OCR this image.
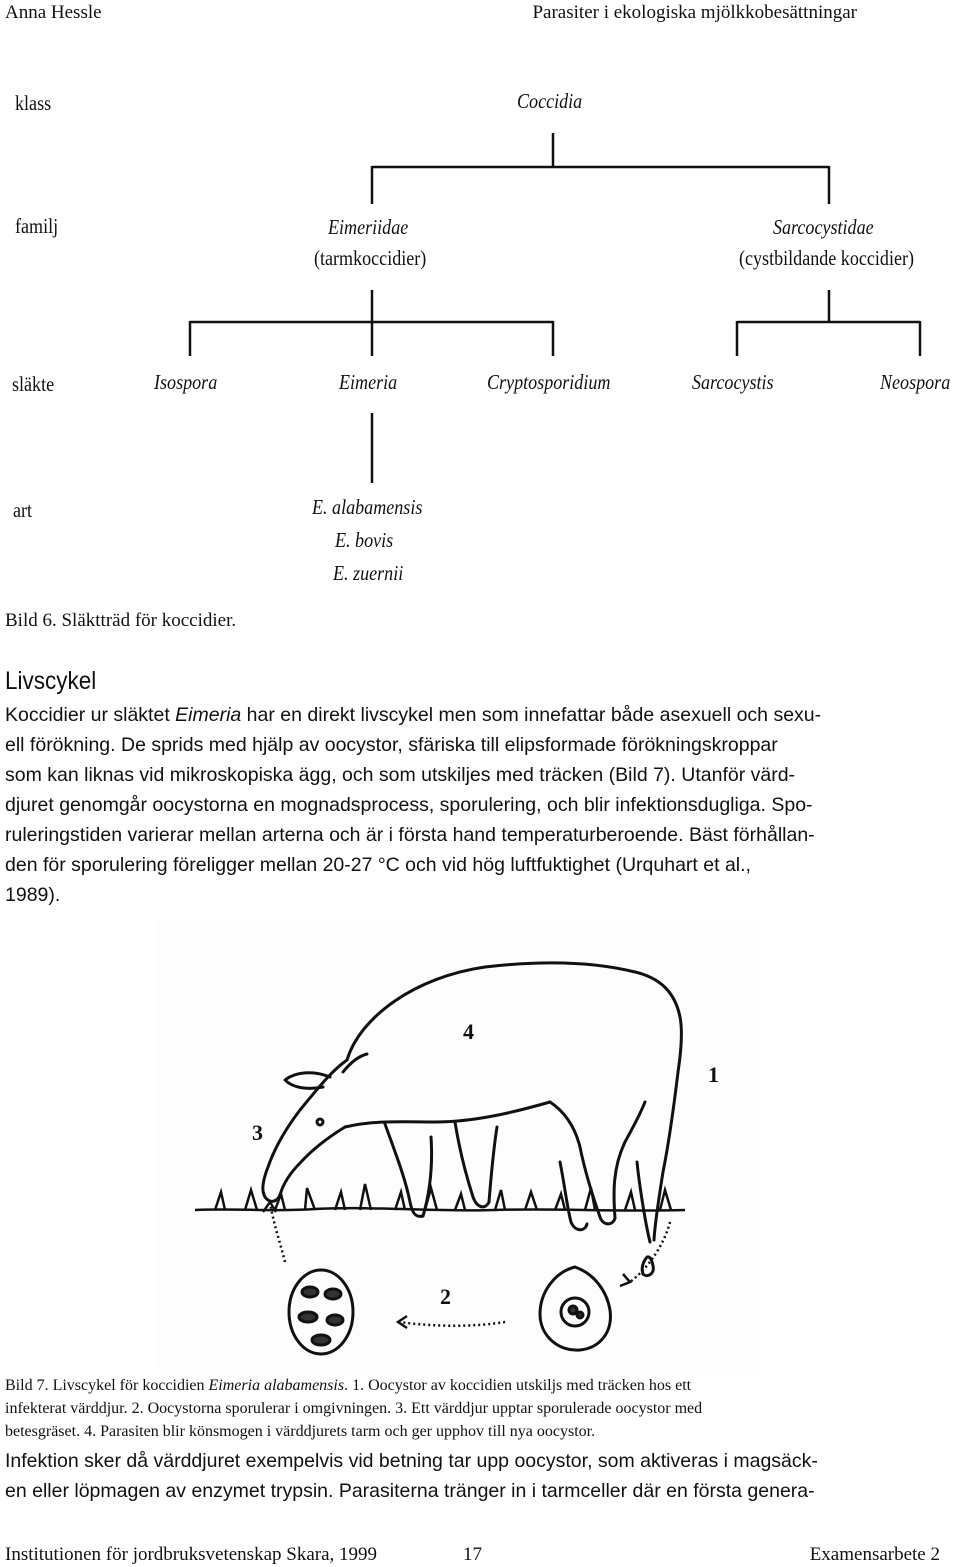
Anna Hessle	Parasiter i ekologiska mjölkkobesättningar
klass
familj
släkte
art
Coccidia
Eimeriidae
(tarmkoccidier)
Sarcocystidae
(cystbildande koccidier)
Isospora	Eimeria	Cryptosporidium	Sarcocystis	Neospora
E. alabamensis
E. bovis
E. zuernii
Bild 6. Släktträd för koccidier.
Livscykel
Koccidier ur släktet Eimeria har en direkt livscykel men som innefattar både asexuell och sexu-
ell förökning. De sprids med hjälp av oocystor, sfäriska till elipsformade förökningskroppar
som kan liknas vid mikroskopiska ägg, och som utskiljes med träcken (Bild 7). Utanför värd-
djuret genomgår oocystorna en mognadsprocess, sporulering, och blir infektionsdugliga. Spo-
ruleringstiden varierar mellan arterna och är i första hand temperaturberoende. Bäst förhållan-
den för sporulering föreligger mellan 20-27 °C och vid hög luftfuktighet (Urquhart et al.,
1989).
1
2
3
4
Bild 7. Livscykel för koccidien Eimeria alabamensis. 1. Oocystor av koccidien utskiljs med träcken hos ett
infekterat värddjur. 2. Oocystorna sporulerar i omgivningen. 3. Ett värddjur upptar sporulerade oocystor med
betesgräset. 4. Parasiten blir könsmogen i värddjurets tarm och ger upphov till nya oocystor.
Infektion sker då värddjuret exempelvis vid betning tar upp oocystor, som aktiveras i magsäck-
en eller löpmagen av enzymet trypsin. Parasiterna tränger in i tarmceller där en första genera-
Institutionen för jordbruksvetenskap Skara, 1999	17	Examensarbete 2
